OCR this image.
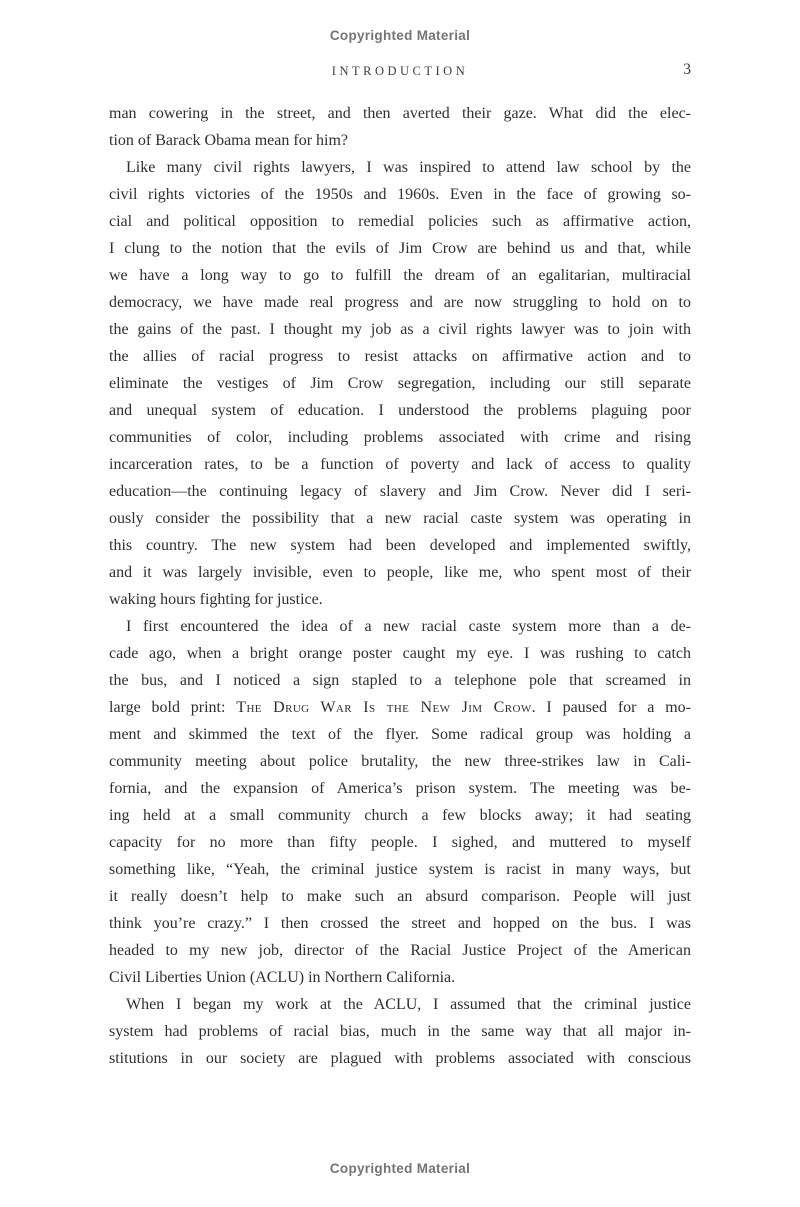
Copyrighted Material
INTRODUCTION	3
man cowering in the street, and then averted their gaze. What did the elec-
tion of Barack Obama mean for him?
Like many civil rights lawyers, I was inspired to attend law school by the
civil rights victories of the 1950s and 1960s. Even in the face of growing so-
cial and political opposition to remedial policies such as affirmative action,
I clung to the notion that the evils of Jim Crow are behind us and that, while
we have a long way to go to fulfill the dream of an egalitarian, multiracial
democracy, we have made real progress and are now struggling to hold on to
the gains of the past. I thought my job as a civil rights lawyer was to join with
the allies of racial progress to resist attacks on affirmative action and to
eliminate the vestiges of Jim Crow segregation, including our still separate
and unequal system of education. I understood the problems plaguing poor
communities of color, including problems associated with crime and rising
incarceration rates, to be a function of poverty and lack of access to quality
education—the continuing legacy of slavery and Jim Crow. Never did I seri-
ously consider the possibility that a new racial caste system was operating in
this country. The new system had been developed and implemented swiftly,
and it was largely invisible, even to people, like me, who spent most of their
waking hours fighting for justice.
I first encountered the idea of a new racial caste system more than a de-
cade ago, when a bright orange poster caught my eye. I was rushing to catch
the bus, and I noticed a sign stapled to a telephone pole that screamed in
large bold print: The Drug War Is the New Jim Crow. I paused for a mo-
ment and skimmed the text of the flyer. Some radical group was holding a
community meeting about police brutality, the new three-strikes law in Cali-
fornia, and the expansion of America’s prison system. The meeting was be-
ing held at a small community church a few blocks away; it had seating
capacity for no more than fifty people. I sighed, and muttered to myself
something like, “Yeah, the criminal justice system is racist in many ways, but
it really doesn’t help to make such an absurd comparison. People will just
think you’re crazy.” I then crossed the street and hopped on the bus. I was
headed to my new job, director of the Racial Justice Project of the American
Civil Liberties Union (ACLU) in Northern California.
When I began my work at the ACLU, I assumed that the criminal justice
system had problems of racial bias, much in the same way that all major in-
stitutions in our society are plagued with problems associated with conscious
Copyrighted Material
